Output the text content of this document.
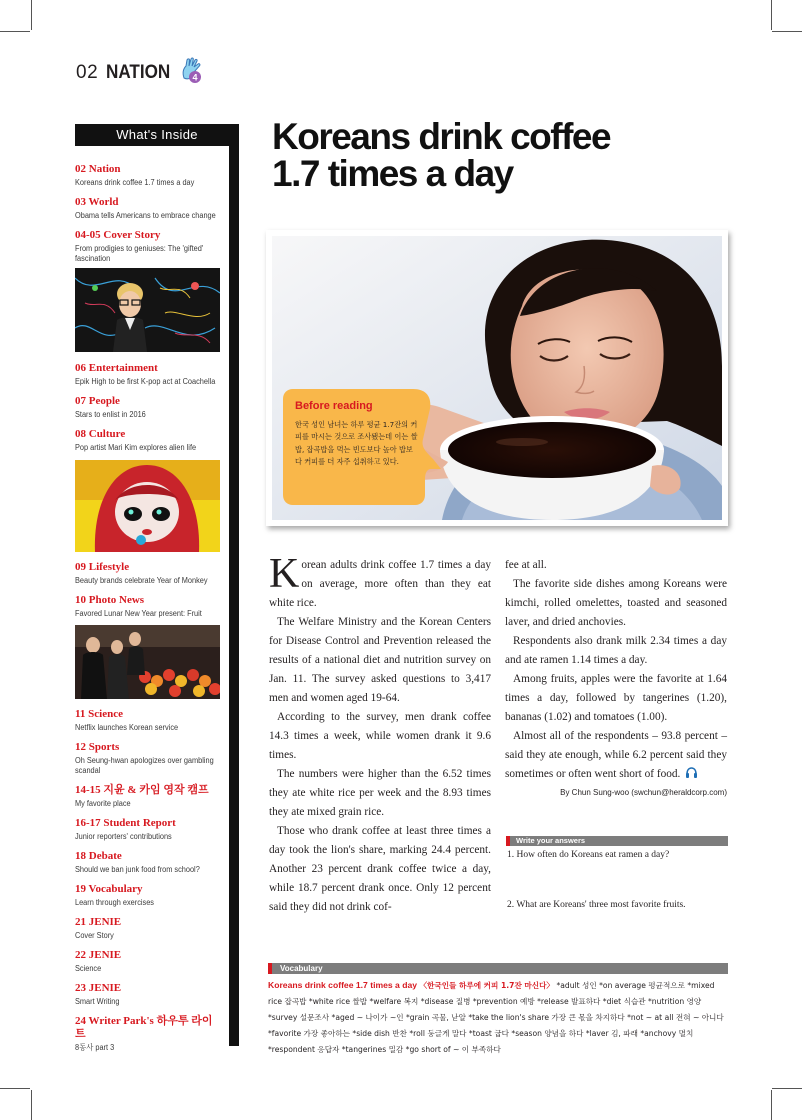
02 NATION 4
What's Inside
02 Nation
Koreans drink coffee 1.7 times a day
03 World
Obama tells Americans to embrace change
04-05 Cover Story
From prodigies to geniuses: The 'gifted' fascination
06 Entertainment
Epik High to be first K-pop act at Coachella
07 People
Stars to enlist in 2016
08 Culture
Pop artist Mari Kim explores alien life
09 Lifestyle
Beauty brands celebrate Year of Monkey
10 Photo News
Favored Lunar New Year present: Fruit
11 Science
Netflix launches Korean service
12 Sports
Oh Seung-hwan apologizes over gambling scandal
14-15 지윤 & 카임 영작 캠프
My favorite place
16-17 Student Report
Junior reporters' contributions
18 Debate
Should we ban junk food from school?
19 Vocabulary
Learn through exercises
21 JENIE
Cover Story
22 JENIE
Science
23 JENIE
Smart Writing
24 Writer Park's 하우투 라이트
8동사 part 3
Koreans drink coffee
1.7 times a day
Before reading
한국 성인 남녀는 하루 평균 1.7잔의 커피를 마시는 것으로 조사됐는데 이는 쌀밥, 잡곡밥을 먹는 빈도보다 높아 밥보다 커피를 더 자주 섭취하고 있다.

Korean adults drink coffee 1.7 times a day on average, more often than they eat white rice.

The Welfare Ministry and the Korean Centers for Disease Control and Prevention released the results of a national diet and nutrition survey on Jan. 11. The survey asked questions to 3,417 men and women aged 19-64.

According to the survey, men drank coffee 14.3 times a week, while women drank it 9.6 times.

The numbers were higher than the 6.52 times they ate white rice per week and the 8.93 times they ate mixed grain rice.

Those who drank coffee at least three times a day took the lion's share, marking 24.4 percent. Another 23 percent drank coffee twice a day, while 18.7 percent drank once. Only 12 percent said they did not drink cof-

fee at all.

The favorite side dishes among Koreans were kimchi, rolled omelettes, toasted and seasoned laver, and dried anchovies.

Respondents also drank milk 2.34 times a day and ate ramen 1.14 times a day.

Among fruits, apples were the favorite at 1.64 times a day, followed by tangerines (1.20), bananas (1.02) and tomatoes (1.00).

Almost all of the respondents – 93.8 percent – said they ate enough, while 6.2 percent said they sometimes or often went short of food.

By Chun Sung-woo (swchun@heraldcorp.com)
Write your answers
1. How often do Koreans eat ramen a day?
2. What are Koreans' three most favorite fruits.
Vocabulary
Koreans drink coffee 1.7 times a day 〈한국인들 하루에 커피 1.7잔 마신다〉 *adult 성인 *on average 평균적으로 *mixed rice 잡곡밥 *white rice 쌀밥 *welfare 복지 *disease 질병 *prevention 예방 *release 발표하다 *diet 식습관 *nutrition 영양 *survey 설문조사 *aged ~ 나이가 ~인 *grain 곡물, 낟알 *take the lion's share 가장 큰 몫을 차지하다 *not ~ at all 전혀 ~ 아니다 *favorite 가장 좋아하는 *side dish 반찬 *roll 둥글게 말다 *toast 굽다 *season 양념을 하다 *laver 김, 파래 *anchovy 멸치 *respondent 응답자 *tangerines 밀감 *go short of ~ 이 부족하다
